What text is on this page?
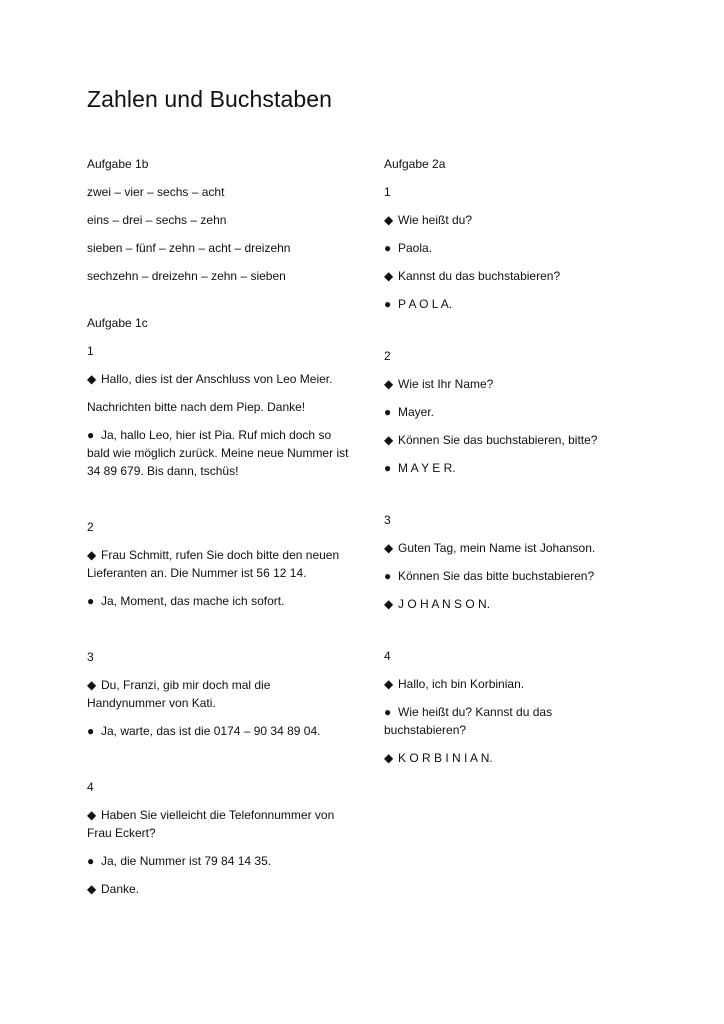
Zahlen und Buchstaben

Aufgabe 1b

zwei – vier – sechs – acht

eins – drei – sechs – zehn

sieben – fünf – zehn – acht – dreizehn

sechzehn – dreizehn – zehn – sieben

Aufgabe 1c

1

◆ Hallo, dies ist der Anschluss von Leo Meier.

Nachrichten bitte nach dem Piep. Danke!

● Ja, hallo Leo, hier ist Pia. Ruf mich doch so bald wie möglich zurück. Meine neue Nummer ist 34 89 679. Bis dann, tschüs!

2

◆ Frau Schmitt, rufen Sie doch bitte den neuen Lieferanten an. Die Nummer ist 56 12 14.

● Ja, Moment, das mache ich sofort.

3

◆ Du, Franzi, gib mir doch mal die Handynummer von Kati.

● Ja, warte, das ist die 0174 – 90 34 89 04.

4

◆ Haben Sie vielleicht die Telefonnummer von Frau Eckert?

● Ja, die Nummer ist 79 84 14 35.

◆ Danke.

Aufgabe 2a

1

◆ Wie heißt du?

● Paola.

◆ Kannst du das buchstabieren?

● P A O L A.

2

◆ Wie ist Ihr Name?

● Mayer.

◆ Können Sie das buchstabieren, bitte?

● M A Y E R.

3

◆ Guten Tag, mein Name ist Johanson.

● Können Sie das bitte buchstabieren?

◆ J O H A N S O N.

4

◆ Hallo, ich bin Korbinian.

● Wie heißt du? Kannst du das buchstabieren?

◆ K O R B I N I A N.
